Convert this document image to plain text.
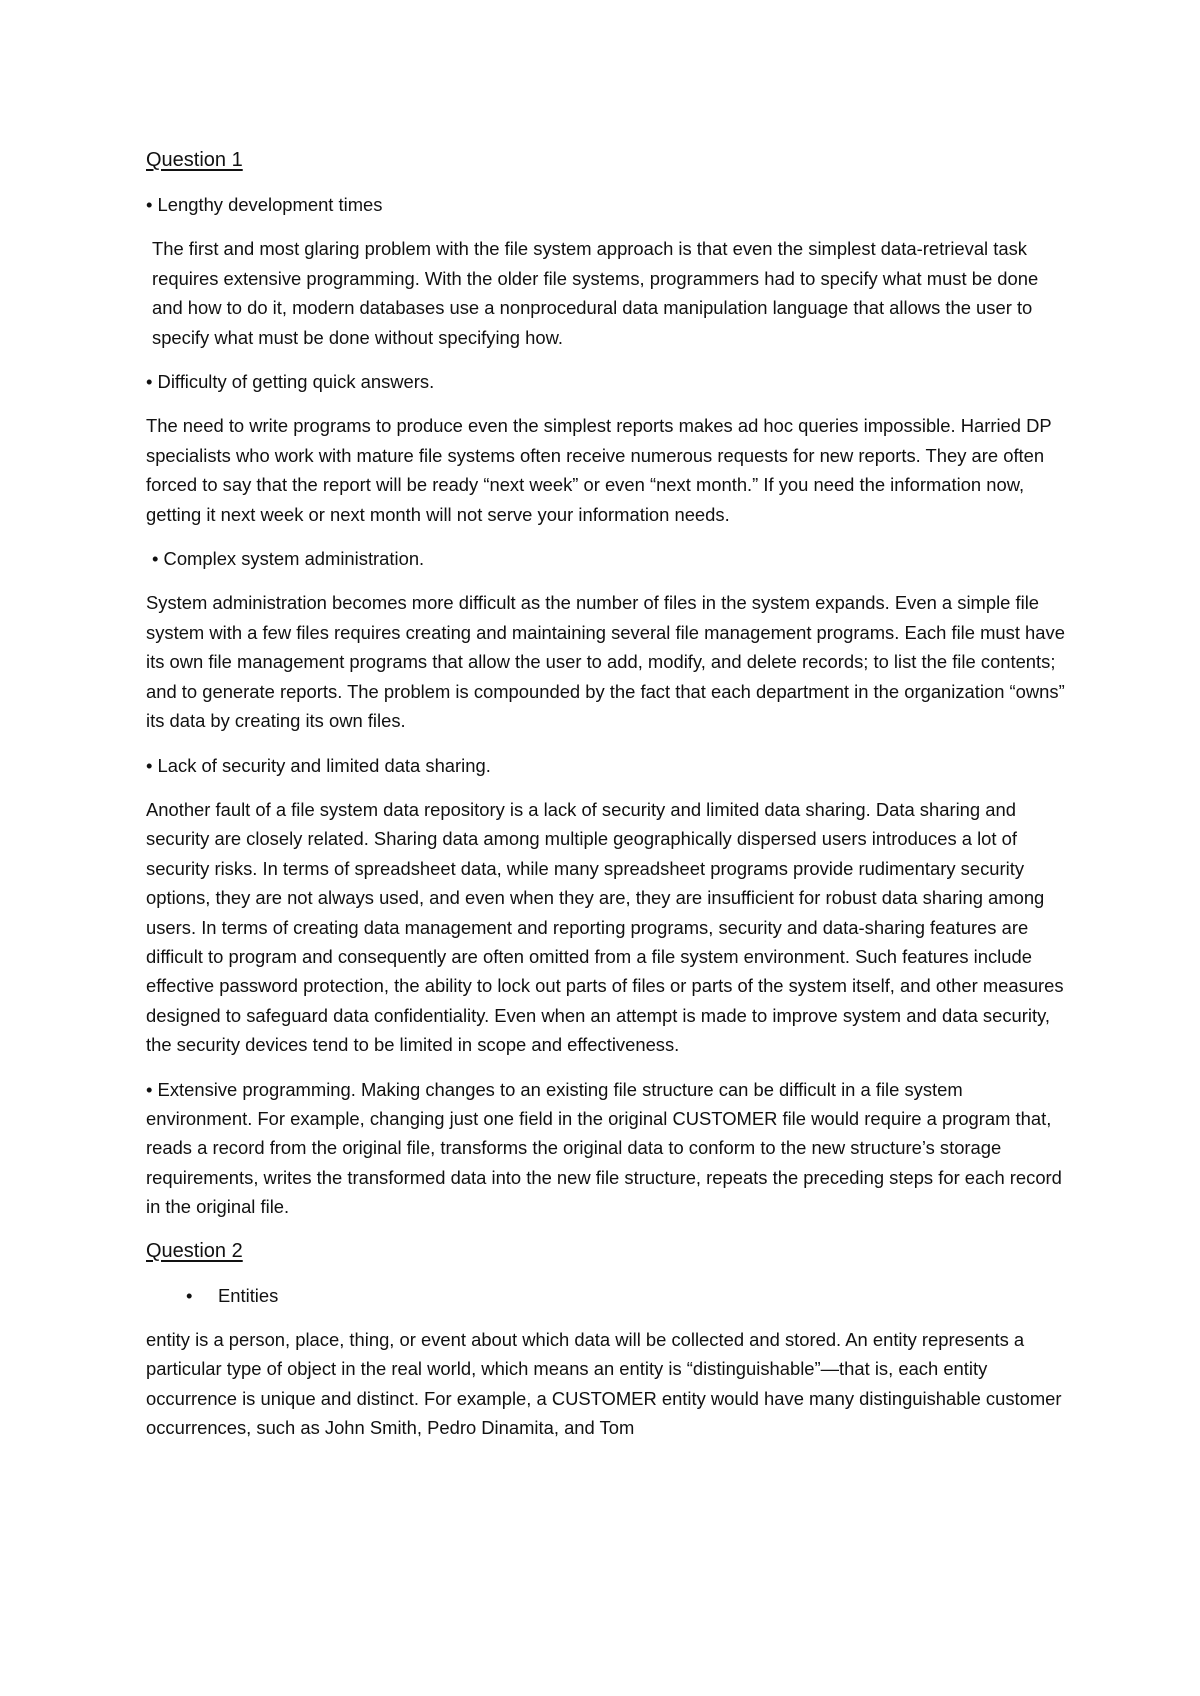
Question 1
• Lengthy development times
The first and most glaring problem with the file system approach is that even the simplest data-retrieval task requires extensive programming. With the older file systems, programmers had to specify what must be done and how to do it, modern databases use a nonprocedural data manipulation language that allows the user to specify what must be done without specifying how.
• Difficulty of getting quick answers.
The need to write programs to produce even the simplest reports makes ad hoc queries impossible. Harried DP specialists who work with mature file systems often receive numerous requests for new reports. They are often forced to say that the report will be ready “next week” or even “next month.” If you need the information now, getting it next week or next month will not serve your information needs.
• Complex system administration.
System administration becomes more difficult as the number of files in the system expands. Even a simple file system with a few files requires creating and maintaining several file management programs. Each file must have its own file management programs that allow the user to add, modify, and delete records; to list the file contents; and to generate reports. The problem is compounded by the fact that each department in the organization “owns” its data by creating its own files.
• Lack of security and limited data sharing.
Another fault of a file system data repository is a lack of security and limited data sharing. Data sharing and security are closely related. Sharing data among multiple geographically dispersed users introduces a lot of security risks. In terms of spreadsheet data, while many spreadsheet programs provide rudimentary security options, they are not always used, and even when they are, they are insufficient for robust data sharing among users. In terms of creating data management and reporting programs, security and data-sharing features are difficult to program and consequently are often omitted from a file system environment. Such features include effective password protection, the ability to lock out parts of files or parts of the system itself, and other measures designed to safeguard data confidentiality. Even when an attempt is made to improve system and data security, the security devices tend to be limited in scope and effectiveness.
• Extensive programming. Making changes to an existing file structure can be difficult in a file system environment. For example, changing just one field in the original CUSTOMER file would require a program that, reads a record from the original file, transforms the original data to conform to the new structure’s storage requirements, writes the transformed data into the new file structure, repeats the preceding steps for each record in the original file.
Question 2
• Entities
entity is a person, place, thing, or event about which data will be collected and stored. An entity represents a particular type of object in the real world, which means an entity is “distinguishable”—that is, each entity occurrence is unique and distinct. For example, a CUSTOMER entity would have many distinguishable customer occurrences, such as John Smith, Pedro Dinamita, and Tom
